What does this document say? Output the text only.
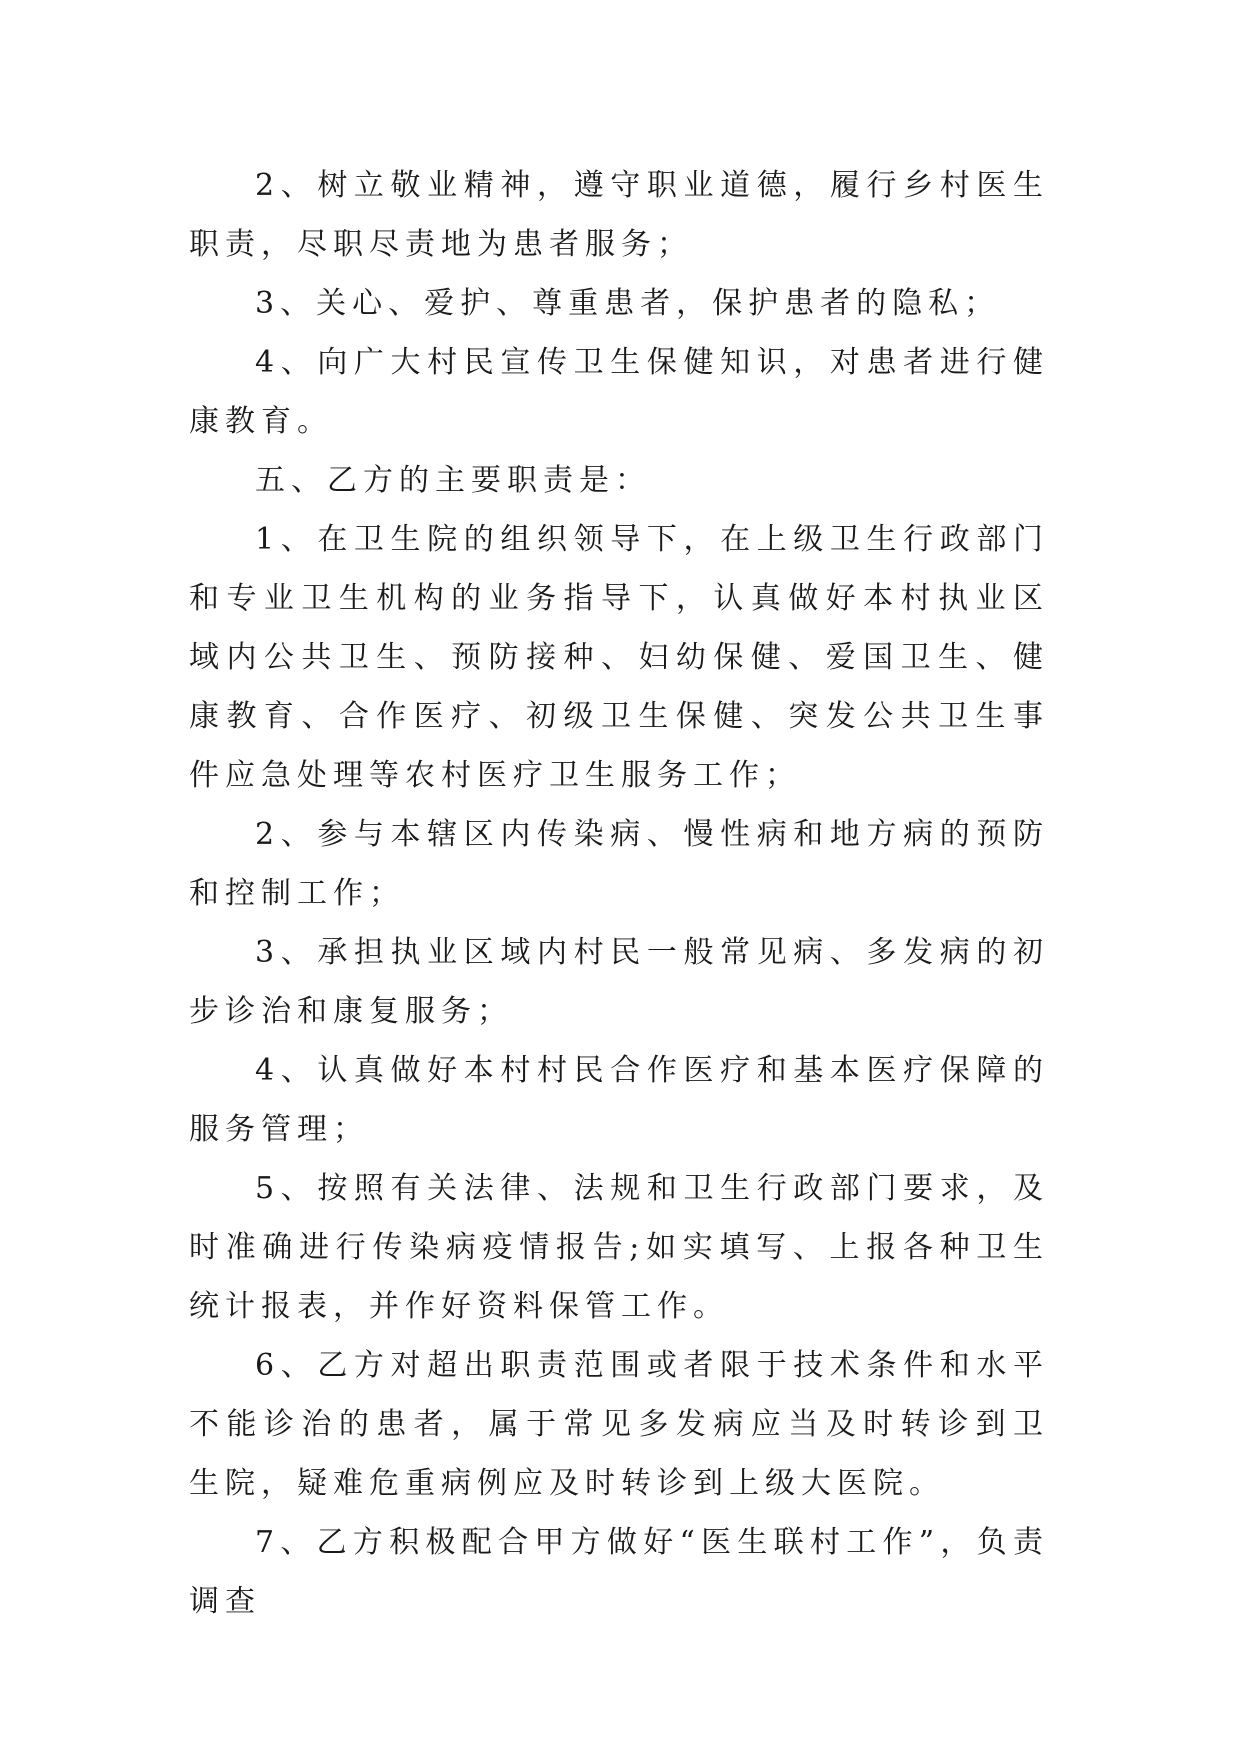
2、树立敬业精神，遵守职业道德，履行乡村医生职责，尽职尽责地为患者服务；

3、关心、爱护、尊重患者，保护患者的隐私；

4、向广大村民宣传卫生保健知识，对患者进行健康教育。

五、乙方的主要职责是：

1、在卫生院的组织领导下，在上级卫生行政部门和专业卫生机构的业务指导下，认真做好本村执业区域内公共卫生、预防接种、妇幼保健、爱国卫生、健康教育、合作医疗、初级卫生保健、突发公共卫生事件应急处理等农村医疗卫生服务工作；

2、参与本辖区内传染病、慢性病和地方病的预防和控制工作；

3、承担执业区域内村民一般常见病、多发病的初步诊治和康复服务；

4、认真做好本村村民合作医疗和基本医疗保障的服务管理；

5、按照有关法律、法规和卫生行政部门要求，及时准确进行传染病疫情报告;如实填写、上报各种卫生统计报表，并作好资料保管工作。

6、乙方对超出职责范围或者限于技术条件和水平不能诊治的患者，属于常见多发病应当及时转诊到卫生院，疑难危重病例应及时转诊到上级大医院。

7、乙方积极配合甲方做好“医生联村工作”，负责调查
